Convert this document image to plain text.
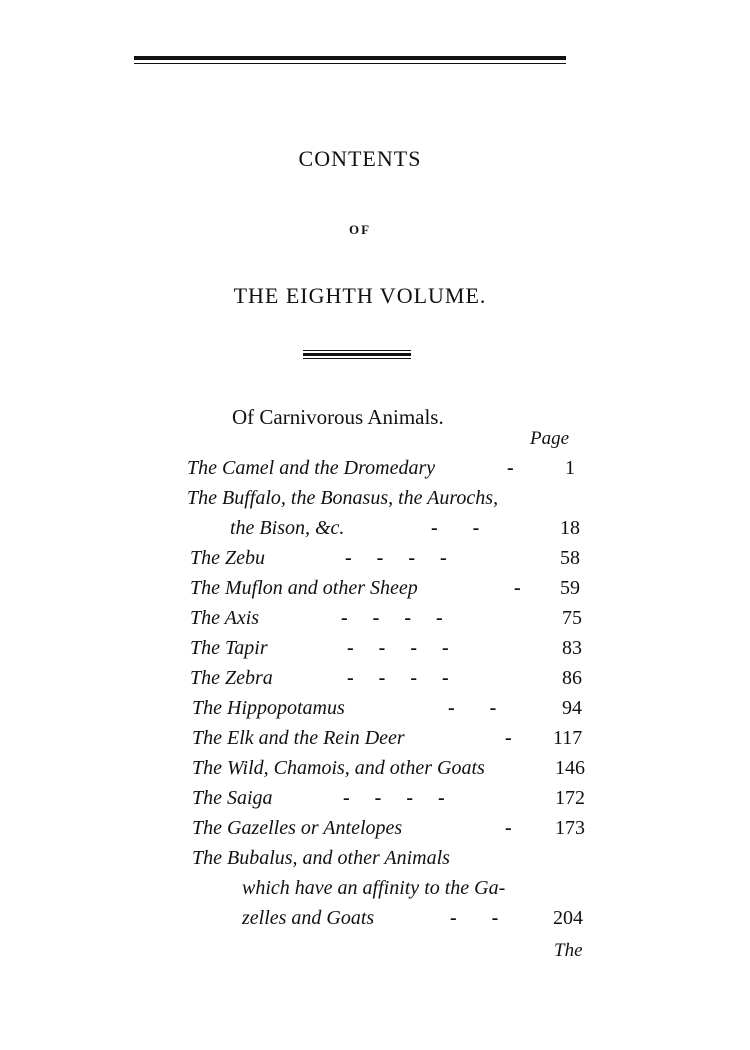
CONTENTS
OF
THE EIGHTH VOLUME.
Of Carnivorous Animals.
Page
The Camel and the Dromedary	-	1
The Buffalo, the Bonasus, the Aurochs,
the Bison, &c.	-       -	18
The Zebu	-     -     -     -	58
The Muflon and other Sheep	- 59
The Axis	-     -     -     -	75
The Tapir	-     -     -     -	83
The Zebra	-     -     -     -	86
The Hippopotamus	-       -	94
The Elk and the Rein Deer	- 117
The Wild, Chamois, and other Goats	146
The Saiga	-     -     -     -	172
The Gazelles or Antelopes	- 173
The Bubalus, and other Animals
which have an affinity to the Ga-
zelles and Goats	-       -	204
The
